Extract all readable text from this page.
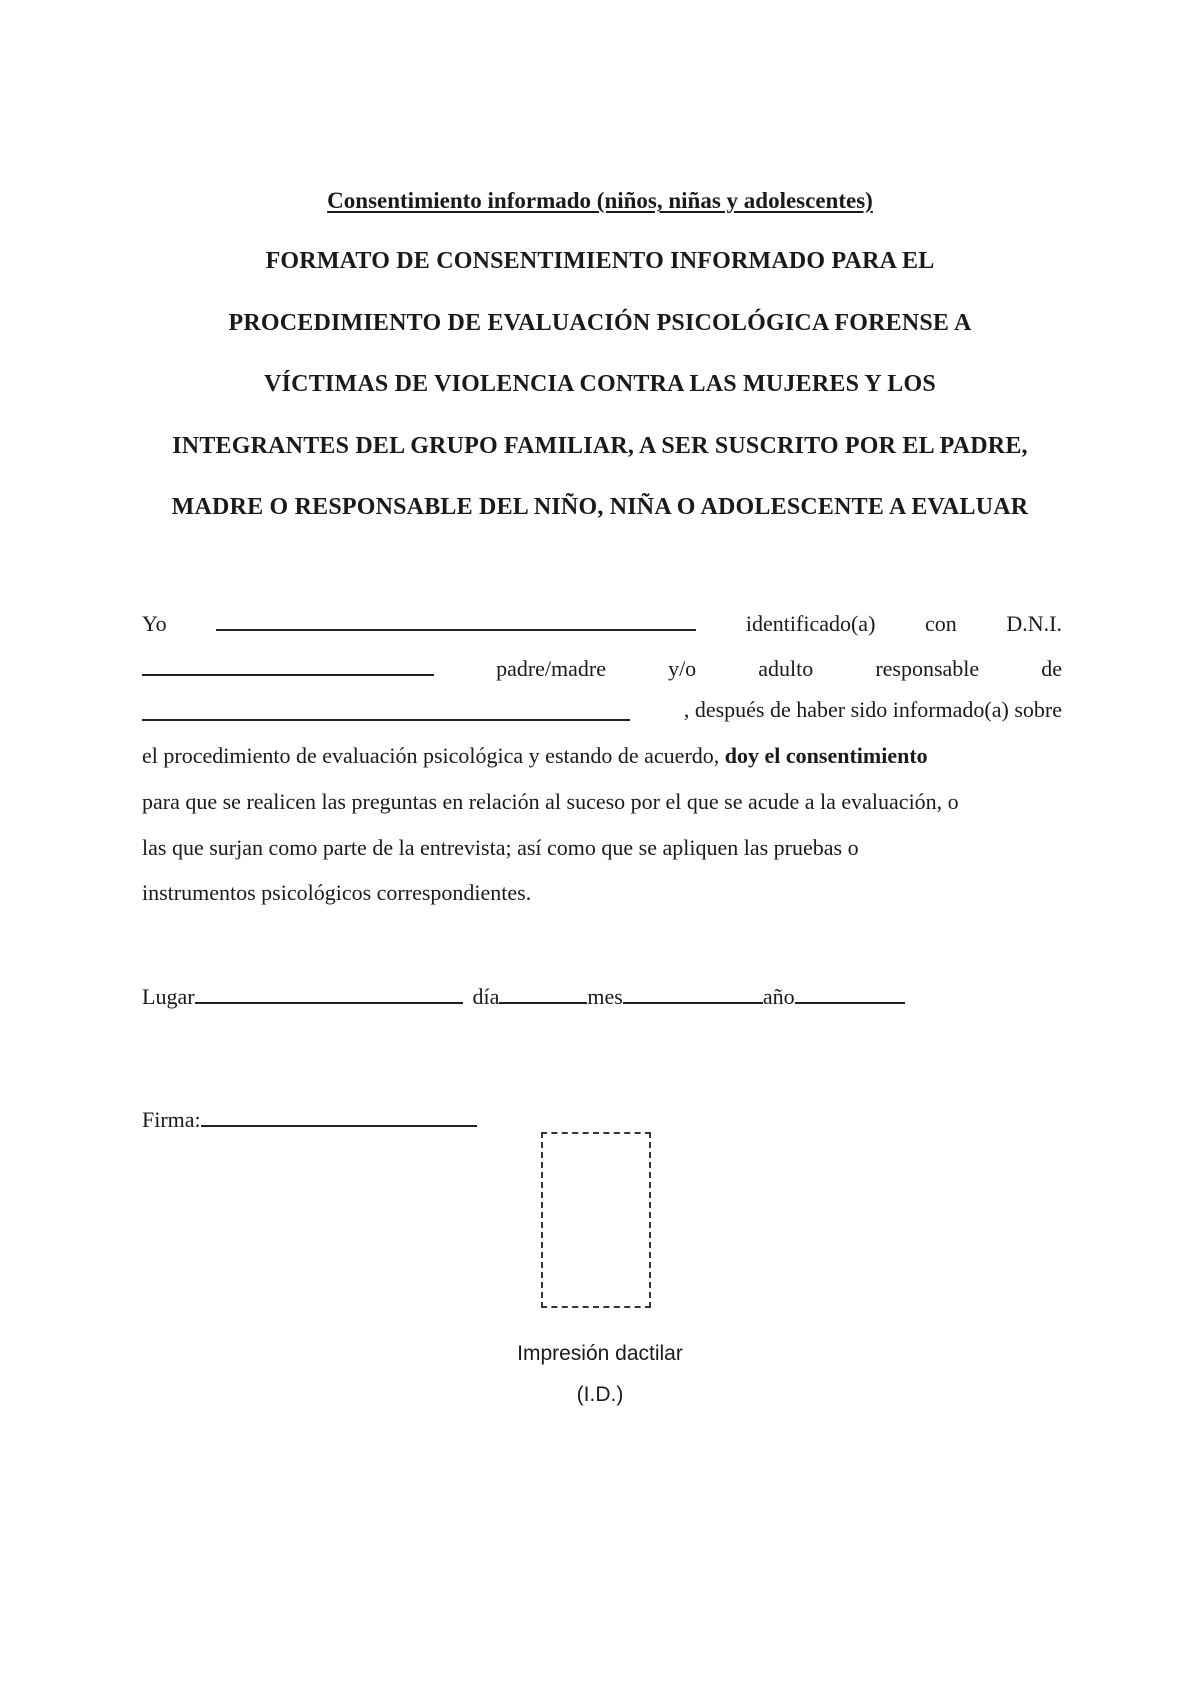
Consentimiento informado (niños, niñas y adolescentes)
FORMATO DE CONSENTIMIENTO INFORMADO PARA EL
PROCEDIMIENTO DE EVALUACIÓN PSICOLÓGICA FORENSE A
VÍCTIMAS DE VIOLENCIA CONTRA LAS MUJERES Y LOS
INTEGRANTES DEL GRUPO FAMILIAR, A SER SUSCRITO POR EL PADRE,
MADRE O RESPONSABLE DEL NIÑO, NIÑA O ADOLESCENTE A EVALUAR
Yo	identificado(a) con D.N.I.
padre/madre	y/o	adulto	responsable	de
, después de haber sido informado(a) sobre
el procedimiento de evaluación psicológica y estando de acuerdo, doy el consentimiento
para que se realicen las preguntas en relación al suceso por el que se acude a la evaluación, o
las que surjan como parte de la entrevista; así como que se apliquen las pruebas o
instrumentos psicológicos correspondientes.
Lugar	día	mes	año
Firma:
Impresión dactilar
(I.D.)
